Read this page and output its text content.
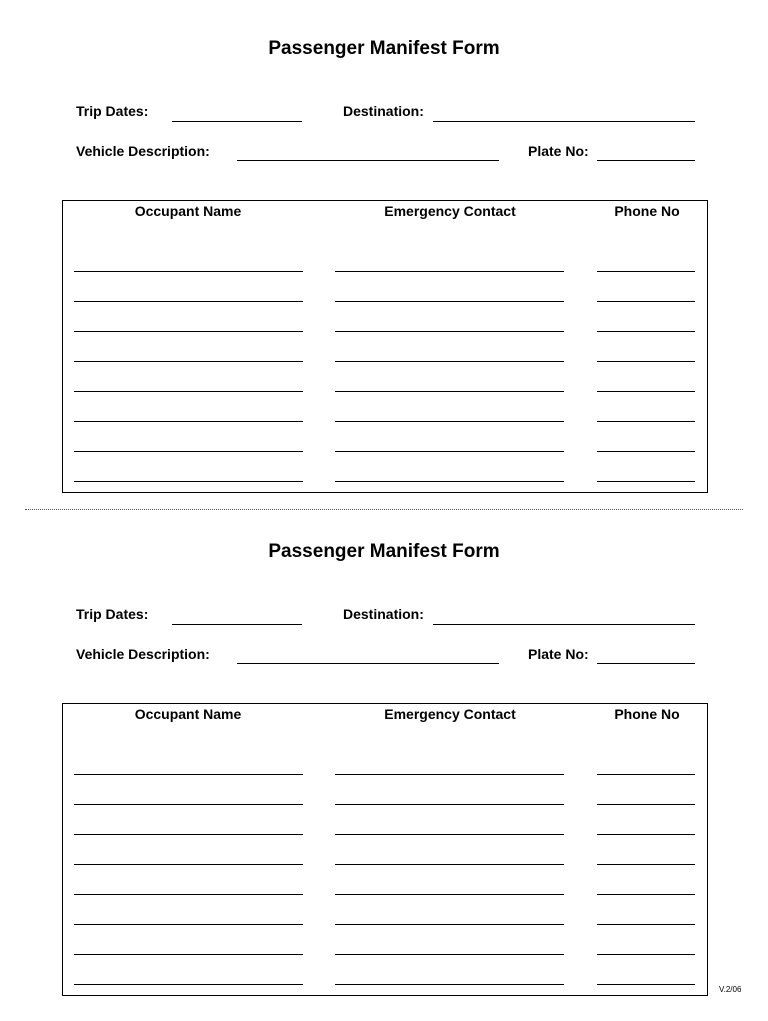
Passenger Manifest Form
Trip Dates:	Destination:
Vehicle Description:	Plate No:
Occupant Name	Emergency Contact	Phone No
Passenger Manifest Form
Trip Dates:	Destination:
Vehicle Description:	Plate No:
Occupant Name	Emergency Contact	Phone No
V.2/06
